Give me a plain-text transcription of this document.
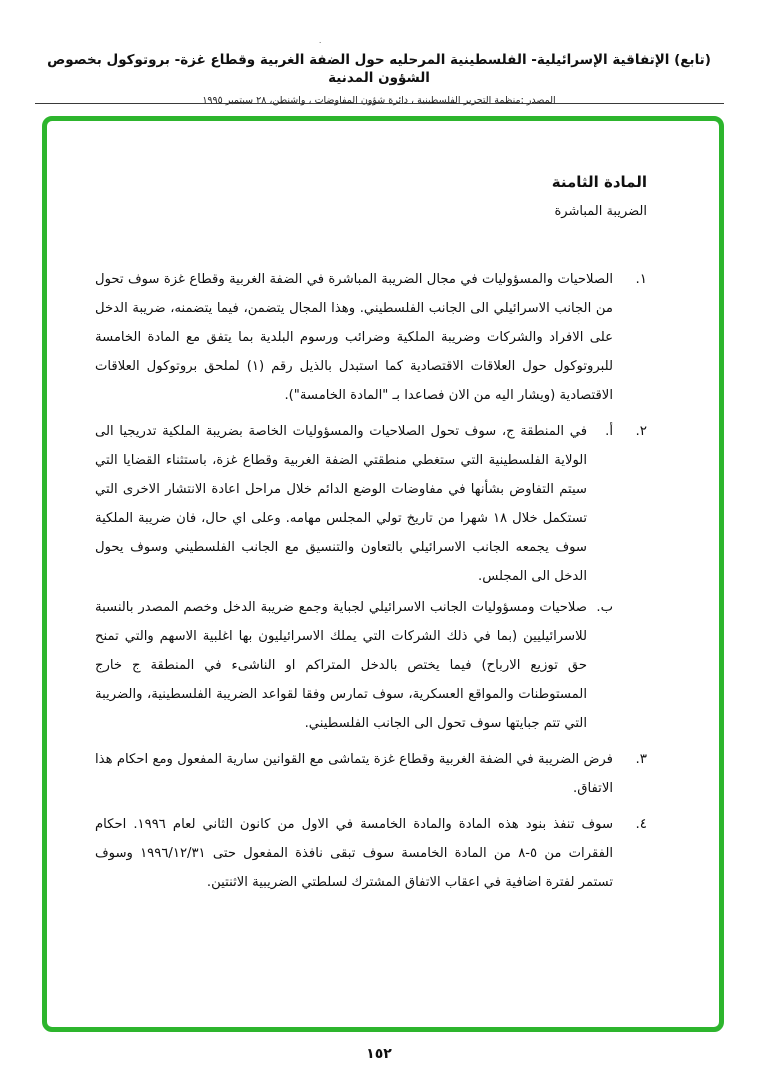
٠
(تابع) الإتفاقية الإسرائيلية- الفلسطينية المرحليه حول الضفة الغربية وقطاع غزة- بروتوكول بخصوص الشؤون المدنية
المصدر :منظمة التحرير الفلسطينية ، دائرة شؤون المفاوضات ، واشنطن، ٢٨ سبتمبر ١٩٩٥
المادة الثامنة
الضريبة المباشرة
١.
الصلاحيات والمسؤوليات في مجال الضريبة المباشرة في الضفة الغربية وقطاع غزة سوف تحول من الجانب الاسرائيلي الى الجانب الفلسطيني. وهذا المجال يتضمن، فيما يتضمنه، ضريبة الدخل على الافراد والشركات وضريبة الملكية وضرائب ورسوم البلدية بما يتفق مع المادة الخامسة للبروتوكول حول العلاقات الاقتصادية كما استبدل بالذيل رقم (١) لملحق بروتوكول العلاقات الاقتصادية (ويشار اليه من الان فصاعدا بـ "المادة الخامسة").
٢.
أ.
في المنطقة ج، سوف تحول الصلاحيات والمسؤوليات الخاصة بضريبة الملكية تدريجيا الى الولاية الفلسطينية التي ستغطي منطقتي الضفة الغربية وقطاع غزة، باستثناء القضايا التي سيتم التفاوض بشأنها في مفاوضات الوضع الدائم خلال مراحل اعادة الانتشار الاخرى التي تستكمل خلال ١٨ شهرا من تاريخ تولي المجلس مهامه. وعلى اي حال، فان ضريبة الملكية سوف يجمعه الجانب الاسرائيلي بالتعاون والتنسيق مع الجانب الفلسطيني وسوف يحول الدخل الى المجلس.
ب.
صلاحيات ومسؤوليات الجانب الاسرائيلي لجباية وجمع ضريبة الدخل وخصم المصدر بالنسبة للاسرائيليين (بما في ذلك الشركات التي يملك الاسرائيليون بها اغلبية الاسهم والتي تمنح حق توزيع الارباح) فيما يختص بالدخل المتراكم او الناشىء في المنطقة ج خارج المستوطنات والمواقع العسكرية، سوف تمارس وفقا لقواعد الضريبة الفلسطينية، والضريبة التي تتم جبايتها سوف تحول الى الجانب الفلسطيني.
٣.
فرض الضريبة في الضفة الغربية وقطاع غزة يتماشى مع القوانين سارية المفعول ومع احكام هذا الاتفاق.
٤.
سوف تنفذ بنود هذه المادة والمادة الخامسة في الاول من كانون الثاني لعام ١٩٩٦. احكام الفقرات من ٥-٨ من المادة الخامسة سوف تبقى نافذة المفعول حتى ١٩٩٦/١٢/٣١ وسوف تستمر لفترة اضافية في اعقاب الاتفاق المشترك لسلطتي الضريبية الاثنتين.
١٥٢
